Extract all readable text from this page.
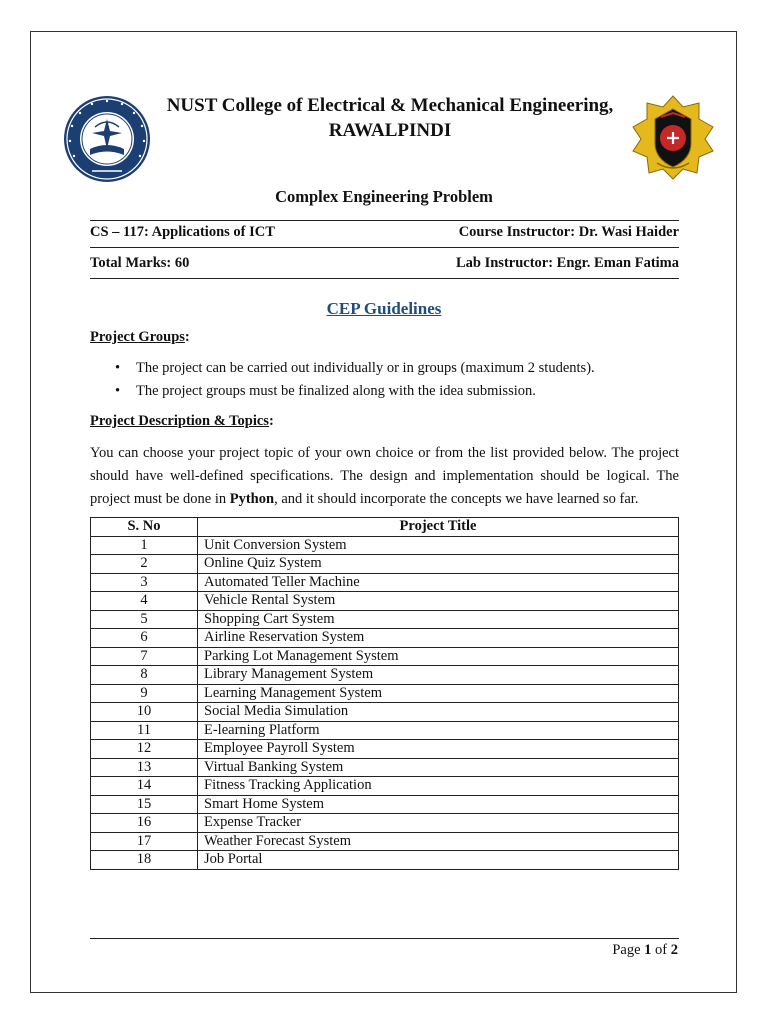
NUST College of Electrical & Mechanical Engineering,
RAWALPINDI
Complex Engineering Problem
CS – 117: Applications of ICT	Course Instructor: Dr. Wasi Haider
Total Marks: 60	Lab Instructor: Engr. Eman Fatima
CEP Guidelines
Project Groups:
• The project can be carried out individually or in groups (maximum 2 students).
• The project groups must be finalized along with the idea submission.
Project Description & Topics:
You can choose your project topic of your own choice or from the list provided below. The project should have well-defined specifications. The design and implementation should be logical. The project must be done in Python, and it should incorporate the concepts we have learned so far.
S. No	Project Title
1	Unit Conversion System
2	Online Quiz System
3	Automated Teller Machine
4	Vehicle Rental System
5	Shopping Cart System
6	Airline Reservation System
7	Parking Lot Management System
8	Library Management System
9	Learning Management System
10	Social Media Simulation
11	E-learning Platform
12	Employee Payroll System
13	Virtual Banking System
14	Fitness Tracking Application
15	Smart Home System
16	Expense Tracker
17	Weather Forecast System
18	Job Portal
Page 1 of 2
